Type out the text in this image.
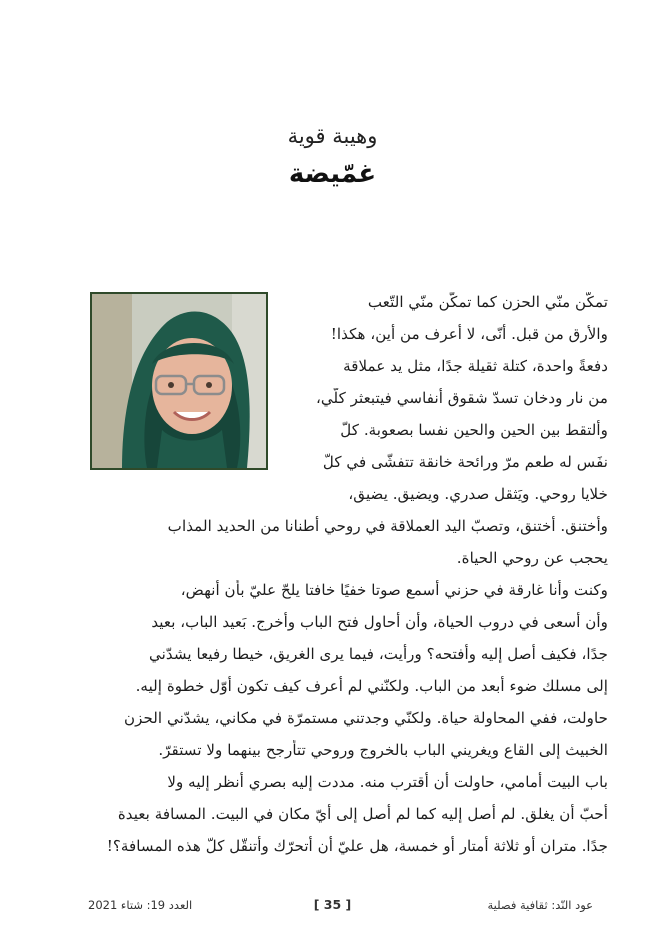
وهيبة قوية
غمّيضة
تمكّن منّي الحزن كما تمكّن منّي التّعب
والأرق من قبل. أنّى، لا أعرف من أين، هكذا!
دفعةً واحدة، كتلة ثقيلة جدًا، مثل يد عملاقة
من نار ودخان تسدّ شقوق أنفاسي فيتبعثر كلّي،
وألتقط بين الحين والحين نفسا بصعوبة. كلّ
نفَس له طعم مرّ ورائحة خانقة تتفشّى في كلّ
خلايا روحي. ويَثقل صدري. ويضيق. يضيق،
وأختنق. أختنق، وتصبّ اليد العملاقة في روحي أطنانا من الحديد المذاب
يحجب عن روحي الحياة.
وكنت وأنا غارقة في حزني أسمع صوتا خفيًا خافتا يلحّ عليّ بأن أنهض،
وأن أسعى في دروب الحياة، وأن أحاول فتح الباب وأخرج. بَعيد الباب، بعيد
جدًا، فكيف أصل إليه وأفتحه؟ ورأيت، فيما يرى الغريق، خيطا رفيعا يشدّني
إلى مسلك ضوء أبعد من الباب. ولكنّني لم أعرف كيف تكون أوّل خطوة إليه.
حاولت، ففي المحاولة حياة. ولكنّي وجدتني مستمرّة في مكاني، يشدّني الحزن
الخبيث إلى القاع ويغريني الباب بالخروج وروحي تتأرجح بينهما ولا تستقرّ.
باب البيت أمامي، حاولت أن أقترب منه. مددت إليه بصري أنظر إليه ولا
أحبّ أن يغلق. لم أصل إليه كما لم أصل إلى أيّ مكان في البيت. المسافة بعيدة
جدًا. متران أو ثلاثة أمتار أو خمسة، هل عليّ أن أتحرّك وأتنقّل كلّ هذه المسافة؟!
عود النّد: ثقافية فصلية
[ 35 ]
العدد 19: شتاء 2021
